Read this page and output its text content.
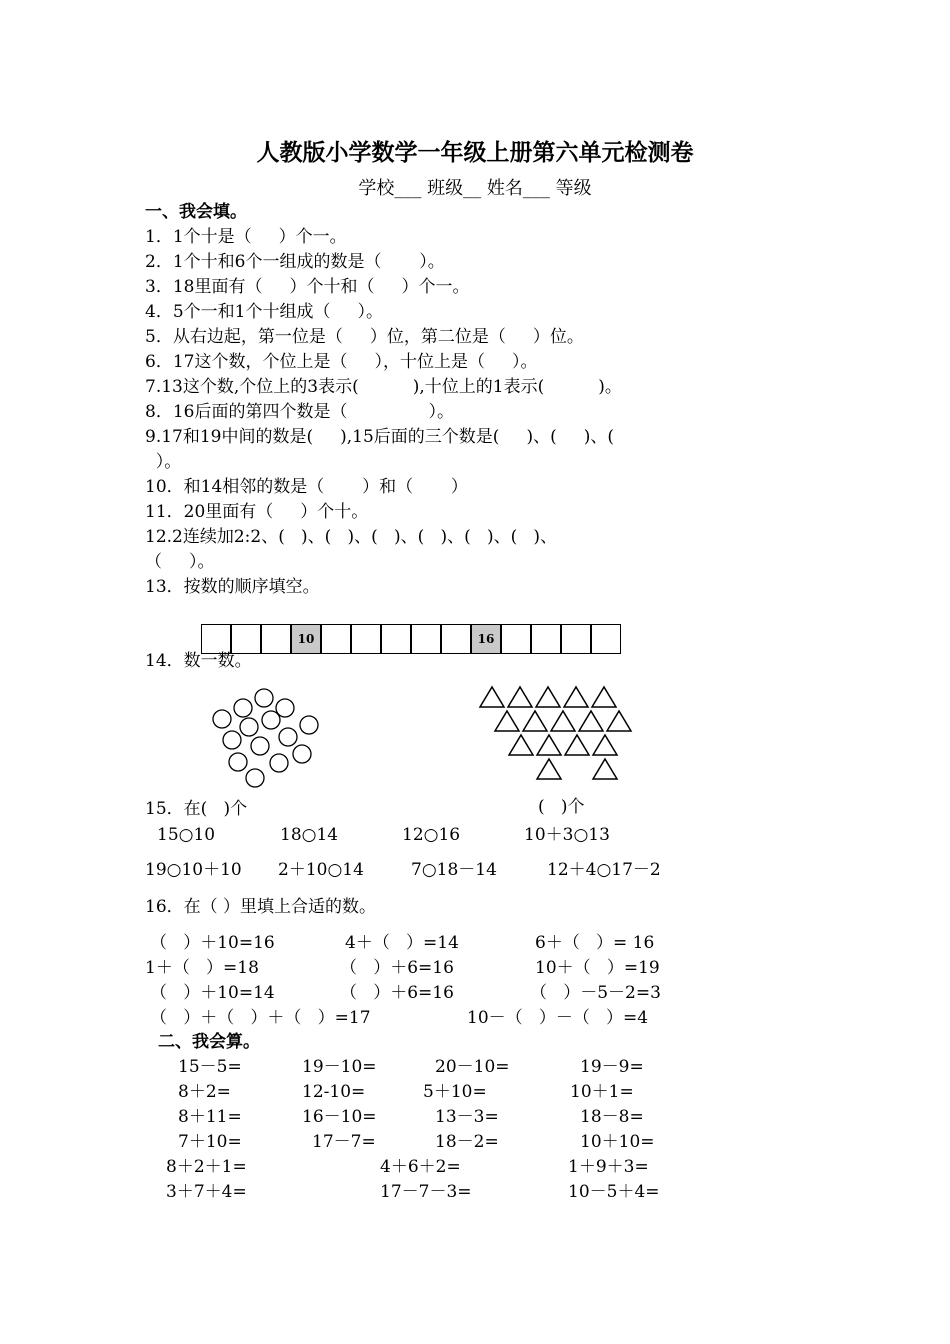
人教版小学数学一年级上册第六单元检测卷
学校___ 班级__ 姓名___ 等级
一、我会填。
1．1个十是（     ）个一。
2．1个十和6个一组成的数是（       ）。
3．18里面有（     ）个十和（     ）个一。
4．5个一和1个十组成（     ）。
5．从右边起，第一位是（     ）位，第二位是（     ）位。
6．17这个数，个位上是（     ），十位上是（     ）。
7.13这个数,个位上的3表示(          ),十位上的1表示(          )。
8．16后面的第四个数是（               ）。
9.17和19中间的数是(     ),15后面的三个数是(     )、(     )、(
）。
10．和14相邻的数是（       ）和（       ）
11．20里面有（     ）个十。
12.2连续加2:2、(   )、(   )、(   )、(   )、(   )、(   )、
（     ）。
13．按数的顺序填空。
10	16
14．数一数。
15．在(   )个	(   )个
15○10	18○14	12○16	10＋3○13
19○10＋10 2＋10○14	7○18－14	12＋4○17－2
16．在（ ）里填上合适的数。
（   ）＋10=16	4＋（   ）=14	6＋（   ）= 16
1＋（   ）=18	（   ）＋6=16	10＋（   ）=19
（   ）＋10=14	（   ）＋6=16	（   ）－5－2=3
（   ）＋（   ）＋（   ）=17	10－（   ）－（   ）=4
二、我会算。
15－5=	19－10=	20－10=	19－9=
8＋2=	12-10=	5＋10=	10＋1=
8＋11=	16－10=	13－3=	18－8=
7＋10=	17－7=	18－2=	10＋10=
8＋2＋1=	4＋6＋2=	1＋9＋3=
3＋7＋4=	17－7－3=	10－5＋4=
